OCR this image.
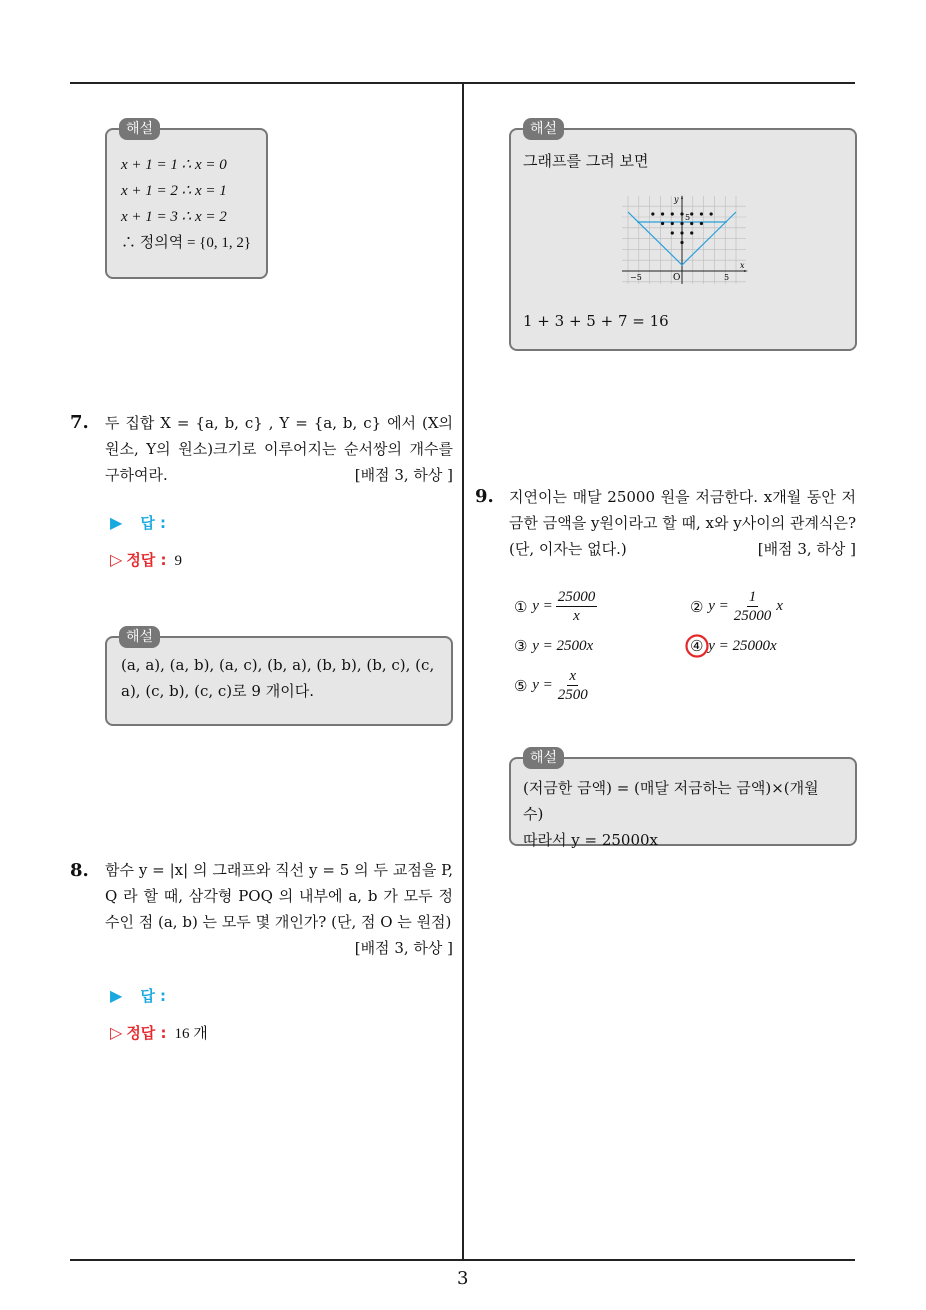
해설
x + 1 = 1 ∴ x = 0
x + 1 = 2 ∴ x = 1
x + 1 = 3 ∴ x = 2
∴ 정의역 = {0, 1, 2}
7. 두 집합 X = {a, b, c} , Y = {a, b, c} 에서 (X의 원소, Y의 원소)크기로 이루어지는 순서쌍의 개수를 구하여라.	[배점 3, 하상 ]
▶ 답 :
▷ 정답 : 9
해설
(a, a), (a, b), (a, c), (b, a), (b, b), (b, c), (c, a), (c, b), (c, c)로 9 개이다.
8. 함수 y = |x| 의 그래프와 직선 y = 5 의 두 교점을 P, Q 라 할 때, 삼각형 POQ 의 내부에 a, b 가 모두 정수인 점 (a, b) 는 모두 몇 개인가? (단, 점 O 는 원점)
[배점 3, 하상 ]
▶ 답 :
▷ 정답 : 16 개
해설
그래프를 그려 보면
−5	5
5
O
x
y
1 + 3 + 5 + 7 = 16
9. 지연이는 매달 25000 원을 저금한다. x개월 동안 저금한 금액을 y원이라고 할 때, x와 y사이의 관계식은?(단, 이자는 없다.)	[배점 3, 하상 ]
①
$y = \frac{25000}{x}$	②
$y = \frac{1}{25000}$ x
③
y = 2500x	④
y = 25000x
⑤
$y = \frac{x}{2500}$
해설
(저금한 금액) = (매달 저금하는 금액)×(개월 수)
따라서 y = 25000x
3
